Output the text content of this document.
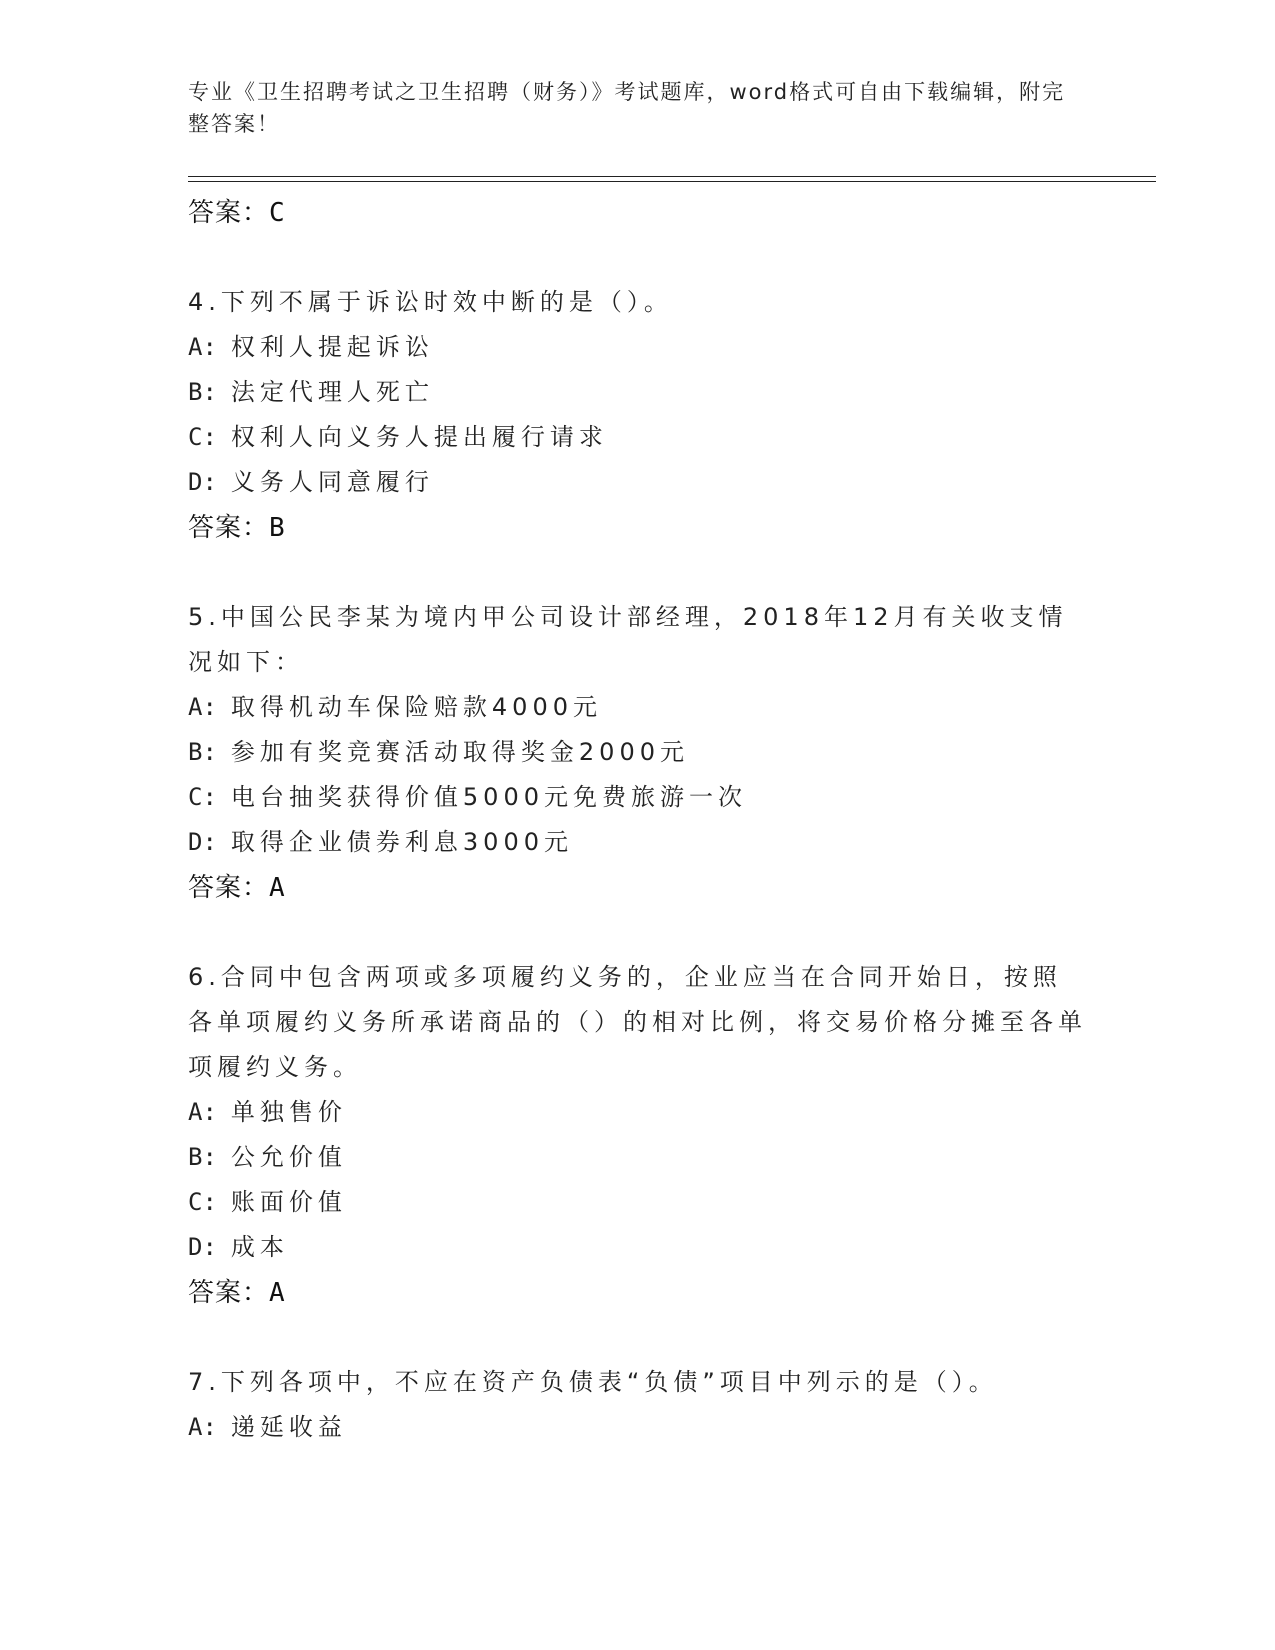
专业《卫生招聘考试之卫生招聘（财务）》考试题库，word格式可自由下载编辑，附完整答案！
答案：C
4.下列不属于诉讼时效中断的是（）。
A: 权利人提起诉讼
B: 法定代理人死亡
C: 权利人向义务人提出履行请求
D: 义务人同意履行
答案：B
5.中国公民李某为境内甲公司设计部经理，2018年12月有关收支情况如下：
A: 取得机动车保险赔款4000元
B: 参加有奖竞赛活动取得奖金2000元
C: 电台抽奖获得价值5000元免费旅游一次
D: 取得企业债券利息3000元
答案：A
6.合同中包含两项或多项履约义务的，企业应当在合同开始日，按照各单项履约义务所承诺商品的（）的相对比例，将交易价格分摊至各单项履约义务。
A: 单独售价
B: 公允价值
C: 账面价值
D: 成本
答案：A
7.下列各项中，不应在资产负债表“负债”项目中列示的是（）。
A: 递延收益
